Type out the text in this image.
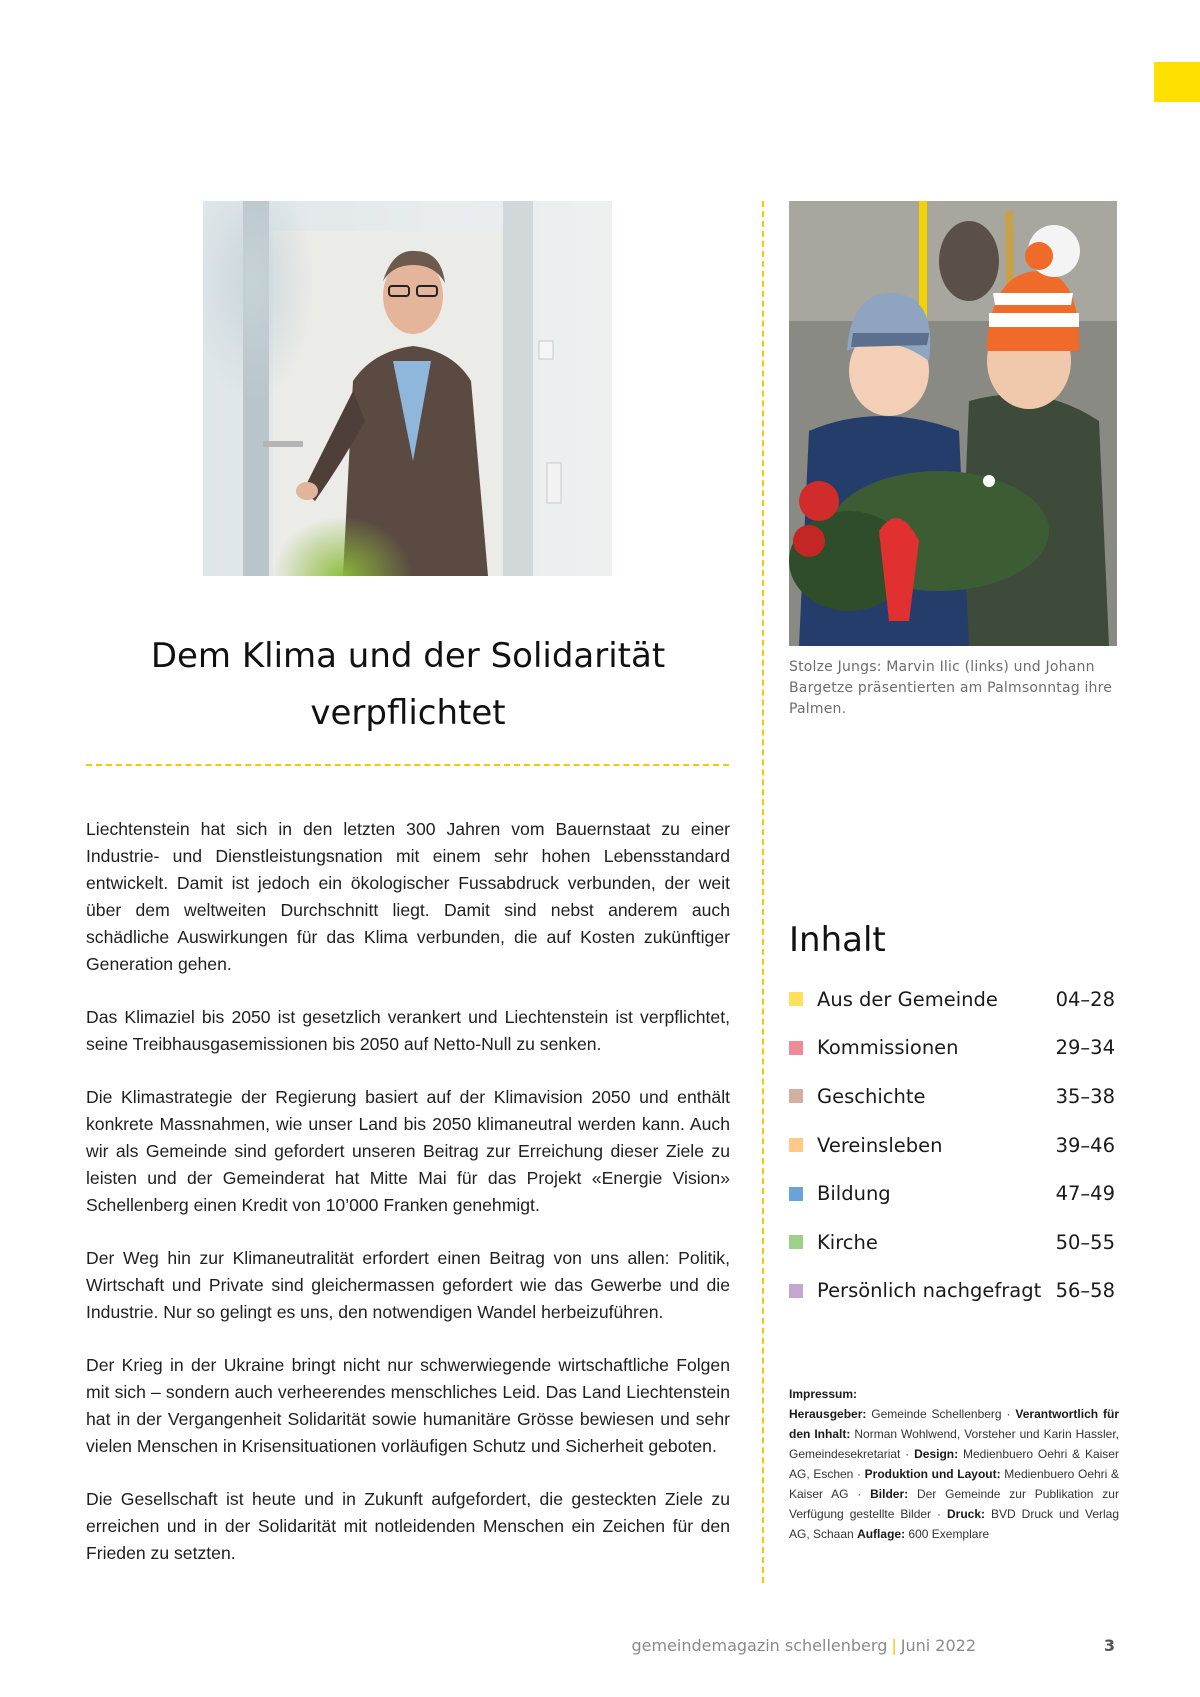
Stolze Jungs: Marvin Ilic (links) und Johann Bargetze präsentierten am Palmsonntag ihre Palmen.
Dem Klima und der Solidarität
verpflichtet

Liechtenstein hat sich in den letzten 300 Jahren vom Bauernstaat zu einer Industrie- und Dienstleistungsnation mit einem sehr hohen Lebensstandard entwickelt. Damit ist jedoch ein ökologischer Fussabdruck verbunden, der weit über dem weltweiten Durchschnitt liegt. Damit sind nebst anderem auch schädliche Auswirkungen für das Klima verbunden, die auf Kosten zukünftiger Generation gehen.

Das Klimaziel bis 2050 ist gesetzlich verankert und Liechtenstein ist verpflichtet, seine Treibhausgasemissionen bis 2050 auf Netto-Null zu senken.

Die Klimastrategie der Regierung basiert auf der Klimavision 2050 und enthält konkrete Massnahmen, wie unser Land bis 2050 klimaneutral werden kann. Auch wir als Gemeinde sind gefordert unseren Beitrag zur Erreichung dieser Ziele zu leisten und der Gemeinderat hat Mitte Mai für das Projekt «Energie Vision» Schellenberg einen Kredit von 10’000 Franken genehmigt.

Der Weg hin zur Klimaneutralität erfordert einen Beitrag von uns allen: Politik, Wirtschaft und Private sind gleichermassen gefordert wie das Gewerbe und die Industrie. Nur so gelingt es uns, den notwendigen Wandel herbeizuführen.

Der Krieg in der Ukraine bringt nicht nur schwerwiegende wirtschaftliche Folgen mit sich – sondern auch verheerendes menschliches Leid. Das Land Liechtenstein hat in der Vergangenheit Solidarität sowie humanitäre Grösse bewiesen und sehr vielen Menschen in Krisensituationen vorläufigen Schutz und Sicherheit geboten.

Die Gesellschaft ist heute und in Zukunft aufgefordert, die gesteckten Ziele zu erreichen und in der Solidarität mit notleidenden Menschen ein Zeichen für den Frieden zu setzten.

Inhalt
Aus der Gemeinde	04–28
Kommissionen	29–34
Geschichte	35–38
Vereinsleben	39–46
Bildung	47–49
Kirche	50–55
Persönlich nachgefragt 56–58
Impressum:
Herausgeber: Gemeinde Schellenberg · Verantwortlich für den Inhalt: Norman Wohlwend, Vorsteher und Karin Hassler, Gemeindesekretariat · Design: Medienbuero Oehri & Kaiser AG, Eschen · Produktion und Layout: Medienbuero Oehri & Kaiser AG · Bilder: Der Gemeinde zur Publikation zur Verfügung gestellte Bilder · Druck: BVD Druck und Verlag AG, Schaan Auflage: 600 Exemplare
gemeindemagazin schellenberg | Juni 2022	3
